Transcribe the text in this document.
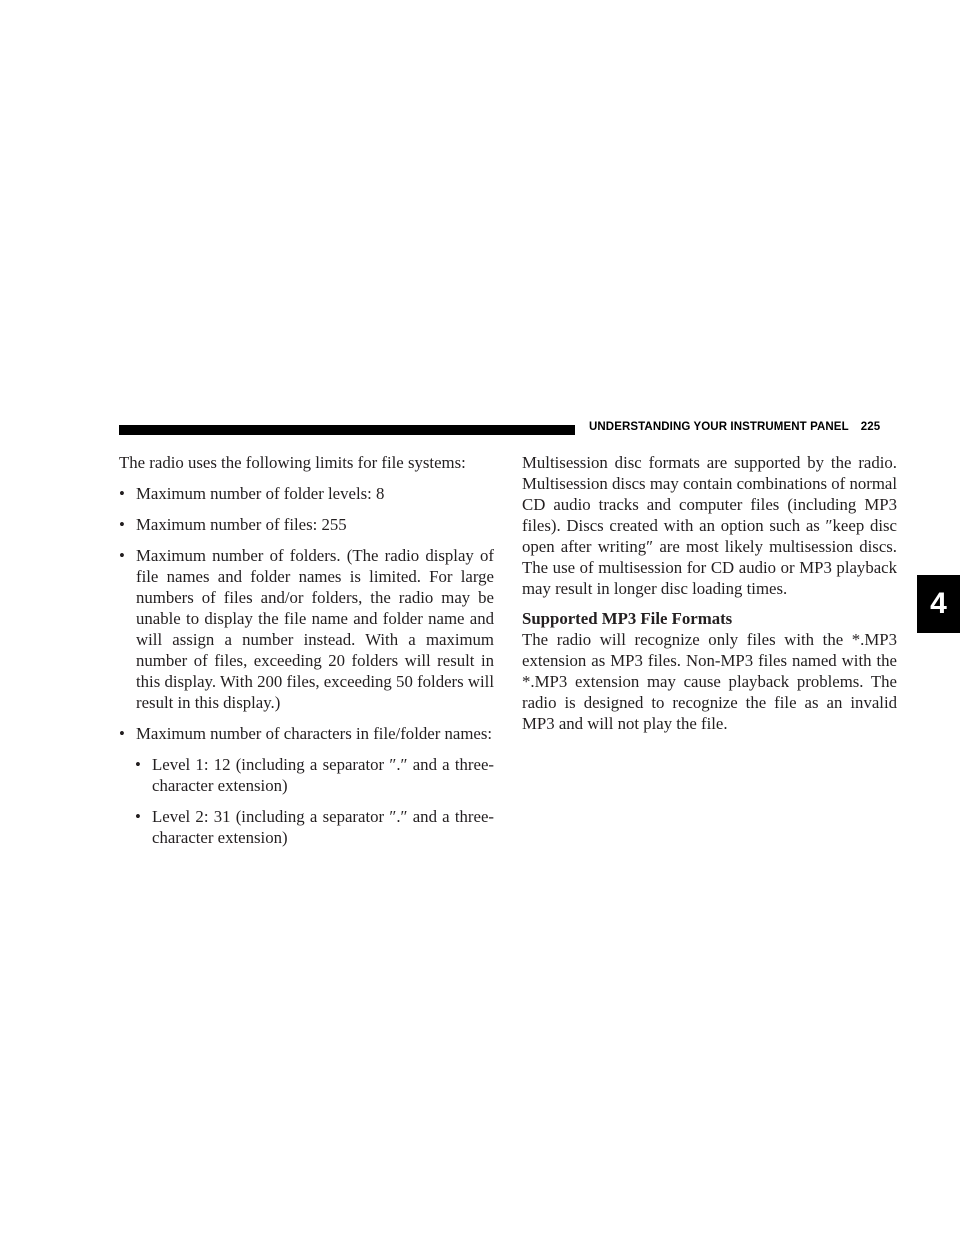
UNDERSTANDING YOUR INSTRUMENT PANEL 225
4

The radio uses the following limits for file systems:

• Maximum number of folder levels: 8

• Maximum number of files: 255

• Maximum number of folders. (The radio display of file names and folder names is limited. For large numbers of files and/or folders, the radio may be unable to display the file name and folder name and will assign a number instead. With a maximum number of files, exceeding 20 folders will result in this display. With 200 files, exceeding 50 folders will result in this display.)

• Maximum number of characters in file/folder names:

• Level 1: 12 (including a separator ″.″ and a three-character extension)

• Level 2: 31 (including a separator ″.″ and a three-character extension)

Multisession disc formats are supported by the radio. Multisession discs may contain combinations of normal CD audio tracks and computer files (including MP3 files). Discs created with an option such as ″keep disc open after writing″ are most likely multisession discs. The use of multisession for CD audio or MP3 playback may result in longer disc loading times.

Supported MP3 File Formats

The radio will recognize only files with the *.MP3 extension as MP3 files. Non-MP3 files named with the *.MP3 extension may cause playback problems. The radio is designed to recognize the file as an invalid MP3 and will not play the file.
